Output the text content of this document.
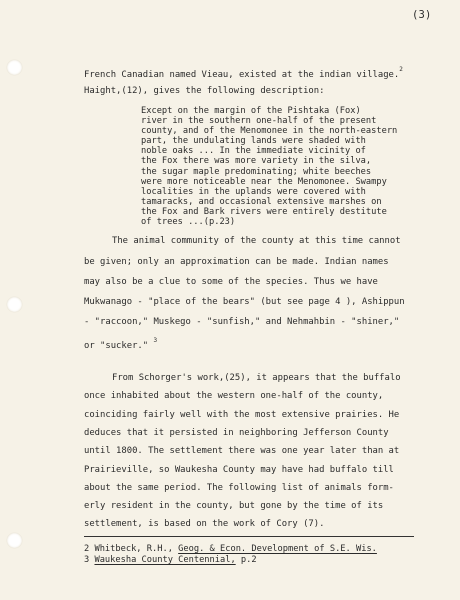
(3)
French Canadian named Vieau, existed at the indian village.$^2$
Haight,(12), gives the following description:
Except on the margin of the Pishtaka (Fox)
river in the southern one-half of the present
county, and of the Menomonee in the north-eastern
part, the undulating lands were shaded with
noble oaks ... In the immediate vicinity of
the Fox there was more variety in the silva,
the sugar maple predominating; white beeches
were more noticeable near the Menomonee. Swampy
localities in the uplands were covered with
tamaracks, and occasional extensive marshes on
the Fox and Bark rivers were entirely destitute
of trees ...(p.23)
The animal community of the county at this time cannot
be given; only an approximation can be made. Indian names
may also be a clue to some of the species. Thus we have
Mukwanago - "place of the bears" (but see page 4 ), Ashippun
- "raccoon," Muskego - "sunfish," and Nehmahbin - "shiner,"
or "sucker." $^3$
From Schorger's work,(25), it appears that the buffalo
once inhabited about the western one-half of the county,
coinciding fairly well with the most extensive prairies. He
deduces that it persisted in neighboring Jefferson County
until 1800. The settlement there was one year later than at
Prairieville, so Waukesha County may have had buffalo till
about the same period. The following list of animals form-
erly resident in the county, but gone by the time of its
settlement, is based on the work of Cory (7).
2 Whitbeck, R.H., Geog. & Econ. Development of S.E. Wis.
3 Waukesha County Centennial, p.2
